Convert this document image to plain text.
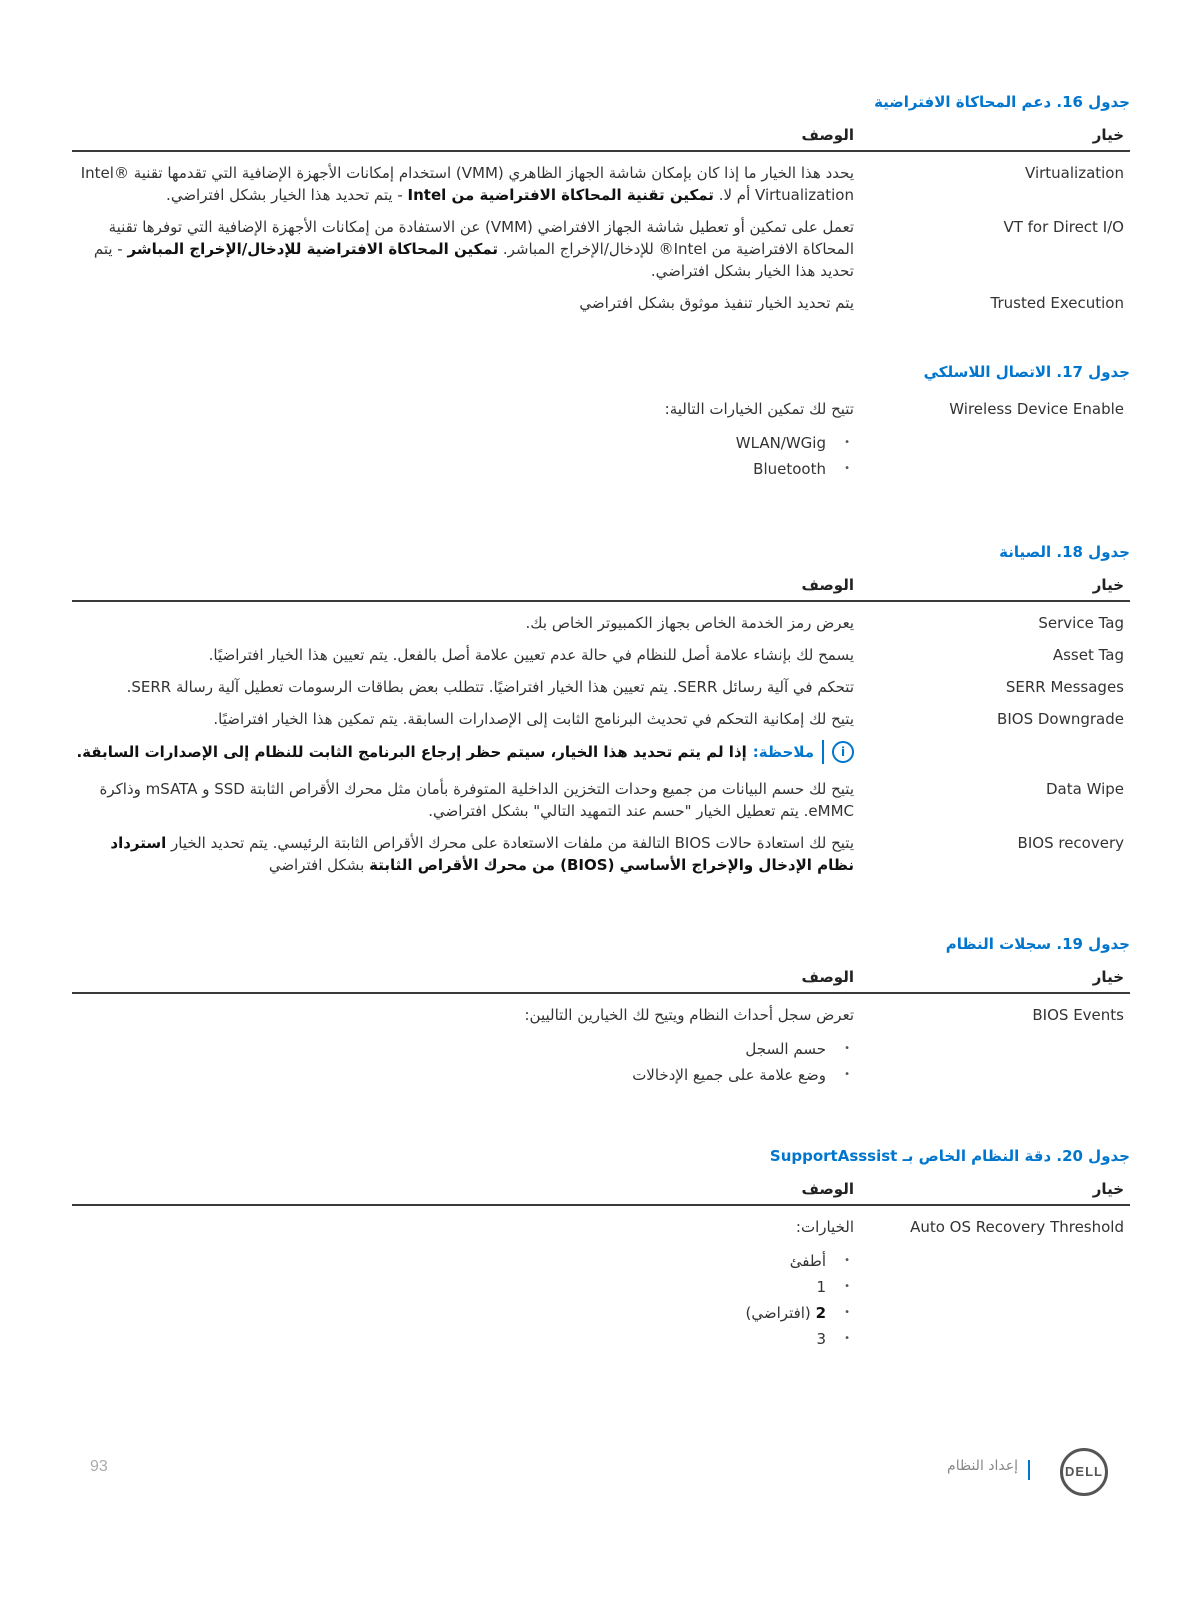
جدول 16. دعم المحاكاة الافتراضية
خيار
الوصف
Virtualization
يحدد هذا الخيار ما إذا كان بإمكان شاشة الجهاز الظاهري (VMM) استخدام إمكانات الأجهزة الإضافية التي تقدمها تقنية Intel® Virtualization أم لا. تمكين تقنية المحاكاة الافتراضية من Intel - يتم تحديد هذا الخيار بشكل افتراضي.
VT for Direct I/O
تعمل على تمكين أو تعطيل شاشة الجهاز الافتراضي (VMM) عن الاستفادة من إمكانات الأجهزة الإضافية التي توفرها تقنية المحاكاة الافتراضية من Intel® للإدخال/الإخراج المباشر. تمكين المحاكاة الافتراضية للإدخال/الإخراج المباشر - يتم تحديد هذا الخيار بشكل افتراضي.
Trusted Execution
يتم تحديد الخيار تنفيذ موثوق بشكل افتراضي
جدول 17. الاتصال اللاسلكي
Wireless Device Enable
تتيح لك تمكين الخيارات التالية:
• WLAN/WGig
• Bluetooth
جدول 18. الصيانة
خيار
الوصف
Service Tag
يعرض رمز الخدمة الخاص بجهاز الكمبيوتر الخاص بك.
Asset Tag
يسمح لك بإنشاء علامة أصل للنظام في حالة عدم تعيين علامة أصل بالفعل. يتم تعيين هذا الخيار افتراضيًا.
SERR Messages
تتحكم في آلية رسائل SERR. يتم تعيين هذا الخيار افتراضيًا. تتطلب بعض بطاقات الرسومات تعطيل آلية رسالة SERR.
BIOS Downgrade
يتيح لك إمكانية التحكم في تحديث البرنامج الثابت إلى الإصدارات السابقة. يتم تمكين هذا الخيار افتراضيًا.
i
ملاحظة:
إذا لم يتم تحديد هذا الخيار، سيتم حظر إرجاع البرنامج الثابت للنظام إلى الإصدارات السابقة.
Data Wipe
يتيح لك حسم البيانات من جميع وحدات التخزين الداخلية المتوفرة بأمان مثل محرك الأقراص الثابتة SSD و mSATA وذاكرة eMMC. يتم تعطيل الخيار "حسم عند التمهيد التالي" بشكل افتراضي.
BIOS recovery
يتيح لك استعادة حالات BIOS التالفة من ملفات الاستعادة على محرك الأقراص الثابتة الرئيسي. يتم تحديد الخيار استرداد نظام الإدخال والإخراج الأساسي (BIOS) من محرك الأقراص الثابتة بشكل افتراضي
جدول 19. سجلات النظام
خيار
الوصف
BIOS Events
تعرض سجل أحداث النظام ويتيح لك الخيارين التاليين:
• حسم السجل
• وضع علامة على جميع الإدخالات
جدول 20. دقة النظام الخاص بـ SupportAsssist
خيار
الوصف
Auto OS Recovery Threshold
الخيارات:
• أطفئ
• 1
• 2 (افتراضي)
• 3
DELL
إعداد النظام
93
